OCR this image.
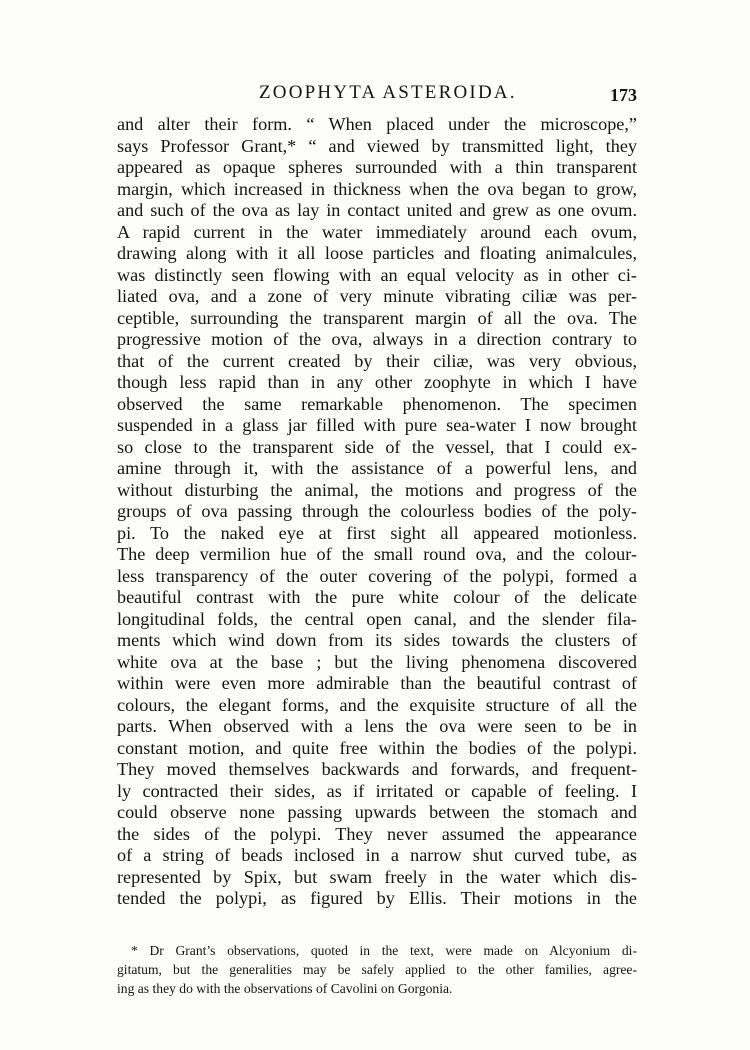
ZOOPHYTA ASTEROIDA.	173
and alter their form. “ When placed under the microscope,”
says Professor Grant,* “ and viewed by transmitted light, they
appeared as opaque spheres surrounded with a thin transparent
margin, which increased in thickness when the ova began to grow,
and such of the ova as lay in contact united and grew as one ovum.
A rapid current in the water immediately around each ovum,
drawing along with it all loose particles and floating animalcules,
was distinctly seen flowing with an equal velocity as in other ci-
liated ova, and a zone of very minute vibrating ciliæ was per-
ceptible, surrounding the transparent margin of all the ova. The
progressive motion of the ova, always in a direction contrary to
that of the current created by their ciliæ, was very obvious,
though less rapid than in any other zoophyte in which I have
observed the same remarkable phenomenon. The specimen
suspended in a glass jar filled with pure sea-water I now brought
so close to the transparent side of the vessel, that I could ex-
amine through it, with the assistance of a powerful lens, and
without disturbing the animal, the motions and progress of the
groups of ova passing through the colourless bodies of the poly-
pi. To the naked eye at first sight all appeared motionless.
The deep vermilion hue of the small round ova, and the colour-
less transparency of the outer covering of the polypi, formed a
beautiful contrast with the pure white colour of the delicate
longitudinal folds, the central open canal, and the slender fila-
ments which wind down from its sides towards the clusters of
white ova at the base ; but the living phenomena discovered
within were even more admirable than the beautiful contrast of
colours, the elegant forms, and the exquisite structure of all the
parts. When observed with a lens the ova were seen to be in
constant motion, and quite free within the bodies of the polypi.
They moved themselves backwards and forwards, and frequent-
ly contracted their sides, as if irritated or capable of feeling. I
could observe none passing upwards between the stomach and
the sides of the polypi. They never assumed the appearance
of a string of beads inclosed in a narrow shut curved tube, as
represented by Spix, but swam freely in the water which dis-
tended the polypi, as figured by Ellis. Their motions in the
* Dr Grant’s observations, quoted in the text, were made on Alcyonium di-
gitatum, but the generalities may be safely applied to the other families, agree-
ing as they do with the observations of Cavolini on Gorgonia.
